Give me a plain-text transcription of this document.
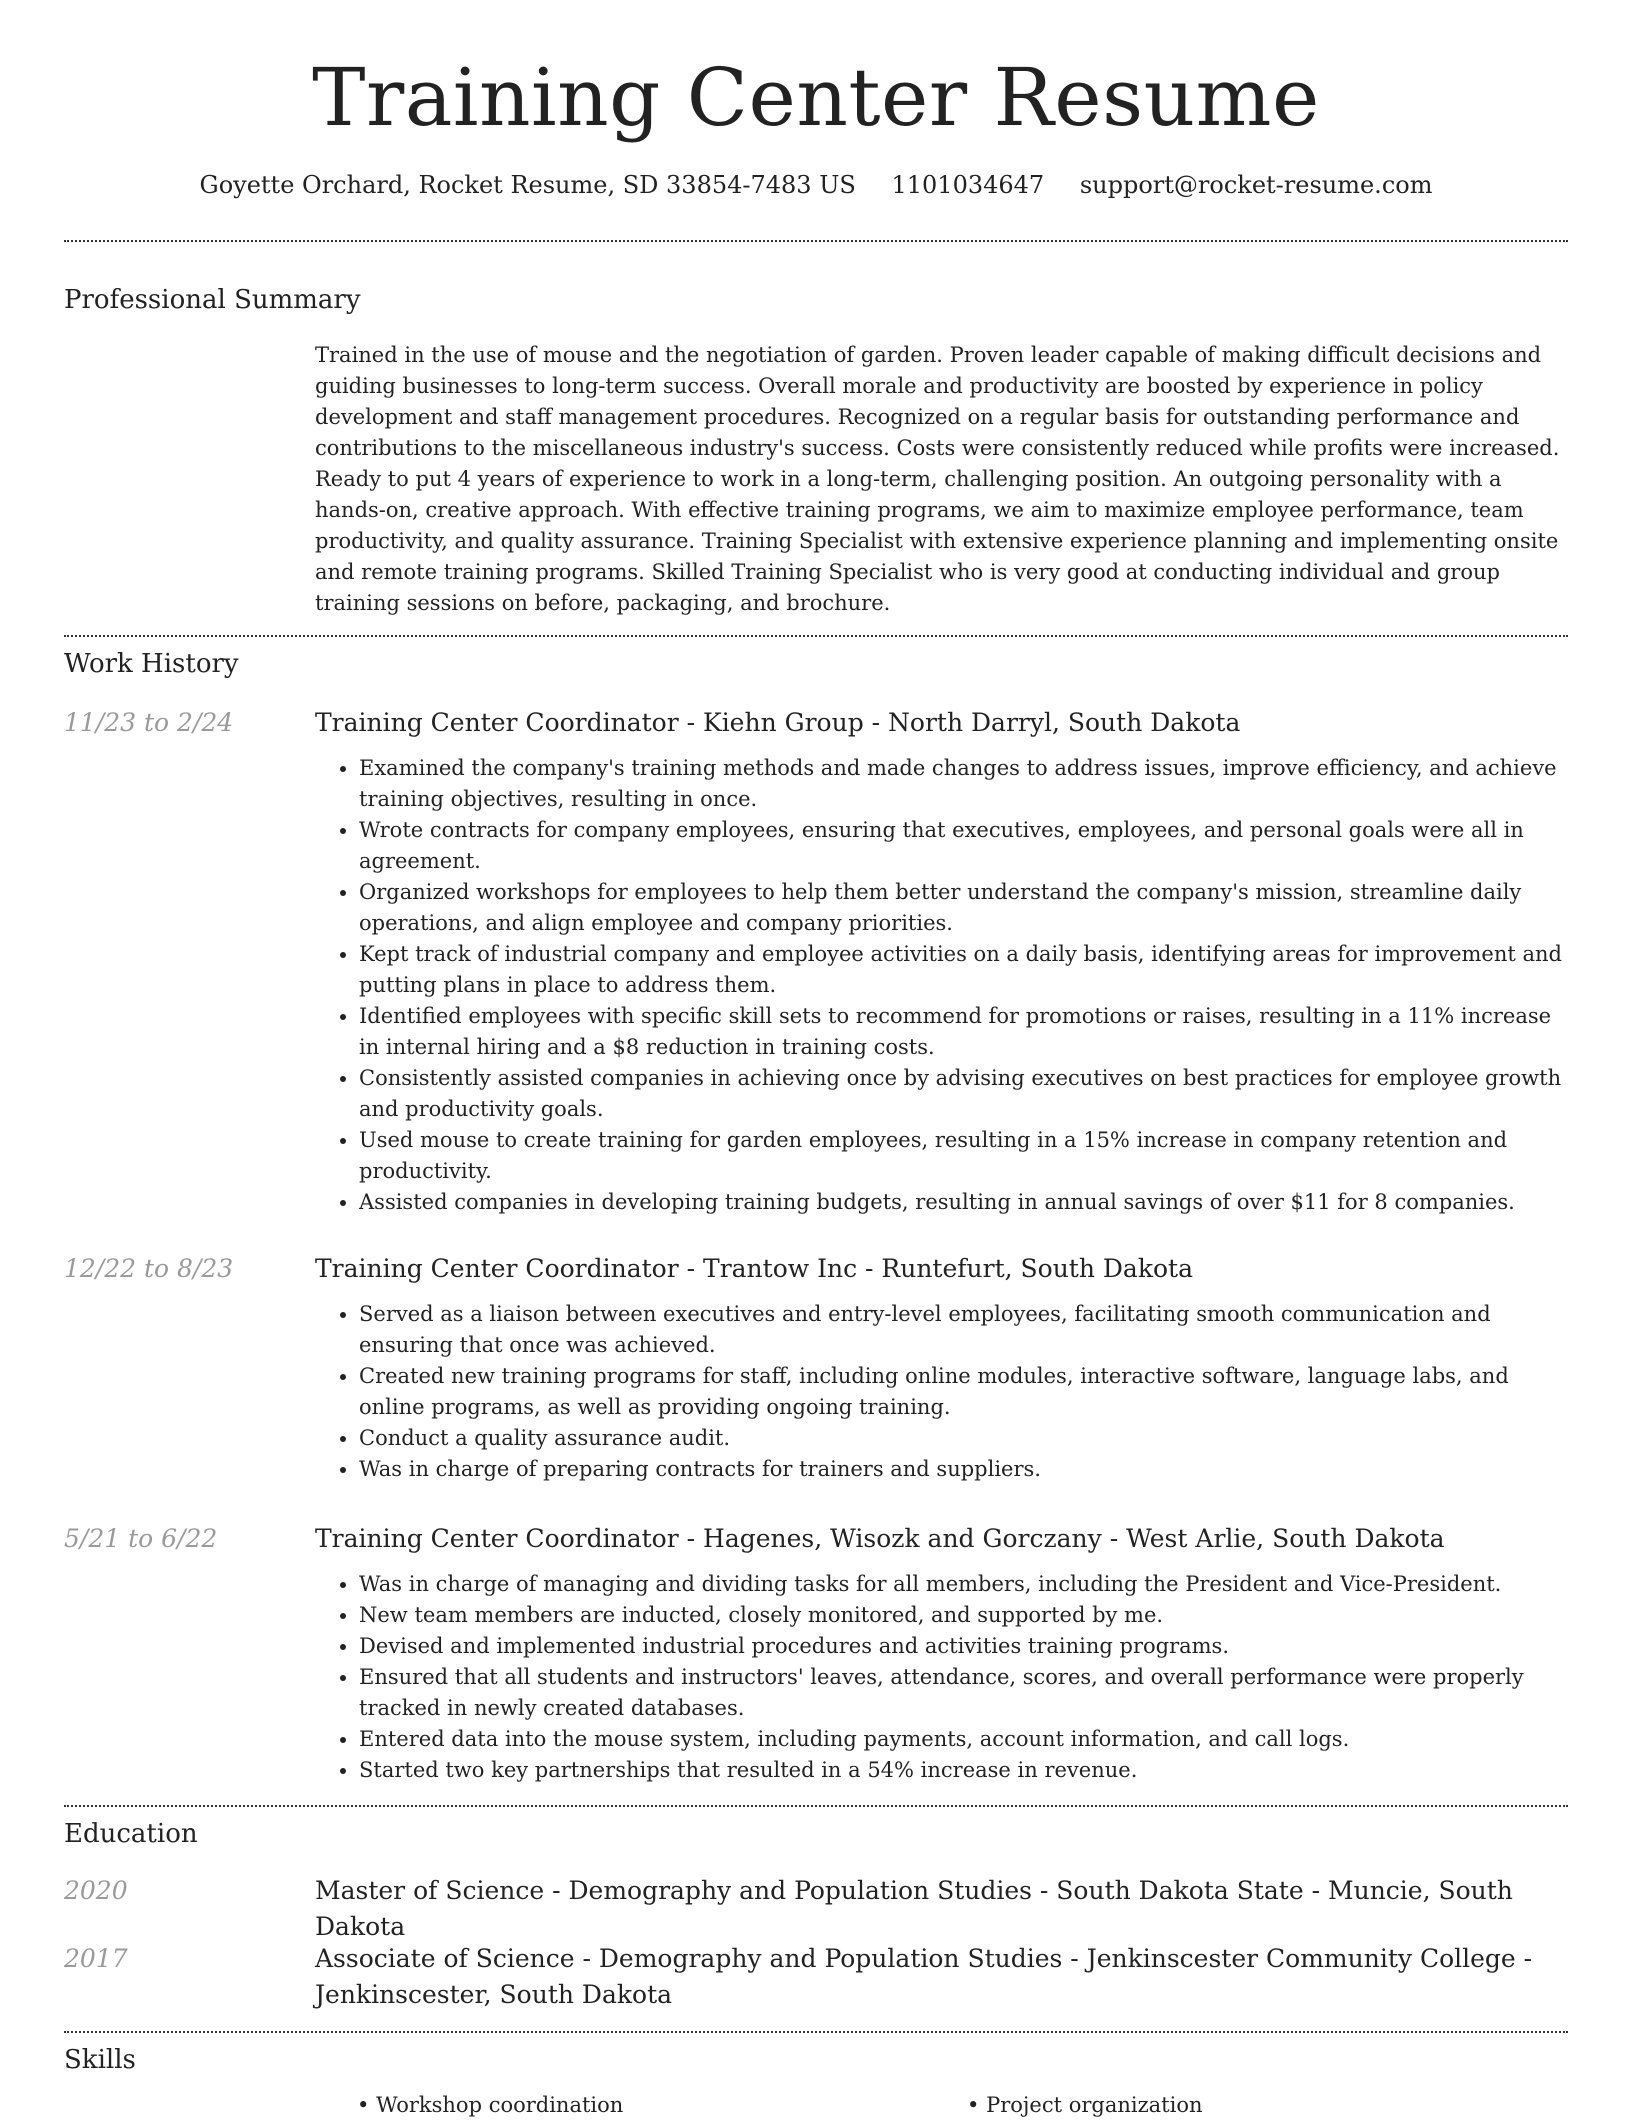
Training Center Resume
Goyette Orchard, Rocket Resume, SD 33854-7483 US 1101034647 support@rocket-resume.com
Professional Summary

Trained in the use of mouse and the negotiation of garden. Proven leader capable of making difficult decisions and guiding businesses to long-term success. Overall morale and productivity are boosted by experience in policy development and staff management procedures. Recognized on a regular basis for outstanding performance and contributions to the miscellaneous industry's success. Costs were consistently reduced while profits were increased. Ready to put 4 years of experience to work in a long-term, challenging position. An outgoing personality with a hands-on, creative approach. With effective training programs, we aim to maximize employee performance, team productivity, and quality assurance. Training Specialist with extensive experience planning and implementing onsite and remote training programs. Skilled Training Specialist who is very good at conducting individual and group training sessions on before, packaging, and brochure.

Work History
11/23 to 2/24	Training Center Coordinator - Kiehn Group - North Darryl, South Dakota

• Examined the company's training methods and made changes to address issues, improve efficiency, and achieve training objectives, resulting in once.
• Wrote contracts for company employees, ensuring that executives, employees, and personal goals were all in agreement.
• Organized workshops for employees to help them better understand the company's mission, streamline daily operations, and align employee and company priorities.
• Kept track of industrial company and employee activities on a daily basis, identifying areas for improvement and putting plans in place to address them.
• Identified employees with specific skill sets to recommend for promotions or raises, resulting in a 11% increase in internal hiring and a $8 reduction in training costs.
• Consistently assisted companies in achieving once by advising executives on best practices for employee growth and productivity goals.
• Used mouse to create training for garden employees, resulting in a 15% increase in company retention and productivity.
• Assisted companies in developing training budgets, resulting in annual savings of over $11 for 8 companies.
12/22 to 8/23	Training Center Coordinator - Trantow Inc - Runtefurt, South Dakota

• Served as a liaison between executives and entry-level employees, facilitating smooth communication and ensuring that once was achieved.
• Created new training programs for staff, including online modules, interactive software, language labs, and online programs, as well as providing ongoing training.
• Conduct a quality assurance audit.
• Was in charge of preparing contracts for trainers and suppliers.
5/21 to 6/22	Training Center Coordinator - Hagenes, Wisozk and Gorczany - West Arlie, South Dakota

• Was in charge of managing and dividing tasks for all members, including the President and Vice-President.
• New team members are inducted, closely monitored, and supported by me.
• Devised and implemented industrial procedures and activities training programs.
• Ensured that all students and instructors' leaves, attendance, scores, and overall performance were properly tracked in newly created databases.
• Entered data into the mouse system, including payments, account information, and call logs.
• Started two key partnerships that resulted in a 54% increase in revenue.
Education
2020	Master of Science - Demography and Population Studies - South Dakota State - Muncie, South Dakota

2017	Associate of Science - Demography and Population Studies - Jenkinscester Community College - Jenkinscester, South Dakota

Skills
• Workshop coordination	• Project organization
